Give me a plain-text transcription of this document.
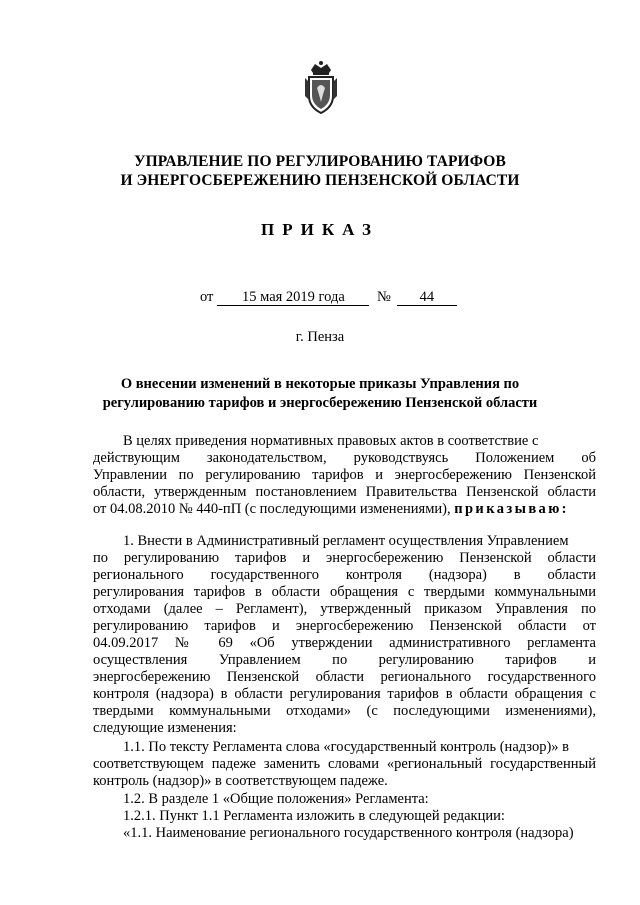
УПРАВЛЕНИЕ ПО РЕГУЛИРОВАНИЮ ТАРИФОВ
И ЭНЕРГОСБЕРЕЖЕНИЮ ПЕНЗЕНСКОЙ ОБЛАСТИ
ПРИКАЗ
от 15 мая 2019 года № 44
г. Пенза
О внесении изменений в некоторые приказы Управления по
регулированию тарифов и энергосбережению Пензенской области
В целях приведения нормативных правовых актов в соответствие с
действующим законодательством, руководствуясь Положением об
Управлении по регулированию тарифов и энергосбережению Пензенской
области, утвержденным постановлением Правительства Пензенской области
от 04.08.2010 № 440-пП (с последующими изменениями), приказываю:
1. Внести в Административный регламент осуществления Управлением
по регулированию тарифов и энергосбережению Пензенской области
регионального государственного контроля (надзора) в области
регулирования тарифов в области обращения с твердыми коммунальными
отходами (далее – Регламент), утвержденный приказом Управления по
регулированию тарифов и энергосбережению Пензенской области от
04.09.2017 № 69 «Об утверждении административного регламента
осуществления Управлением по регулированию тарифов и
энергосбережению Пензенской области регионального государственного
контроля (надзора) в области регулирования тарифов в области обращения с
твердыми коммунальными отходами» (с последующими изменениями),
следующие изменения:
1.1. По тексту Регламента слова «государственный контроль (надзор)» в
соответствующем падеже заменить словами «региональный государственный
контроль (надзор)» в соответствующем падеже.
1.2. В разделе 1 «Общие положения» Регламента:
1.2.1. Пункт 1.1 Регламента изложить в следующей редакции:
«1.1. Наименование регионального государственного контроля (надзора)
